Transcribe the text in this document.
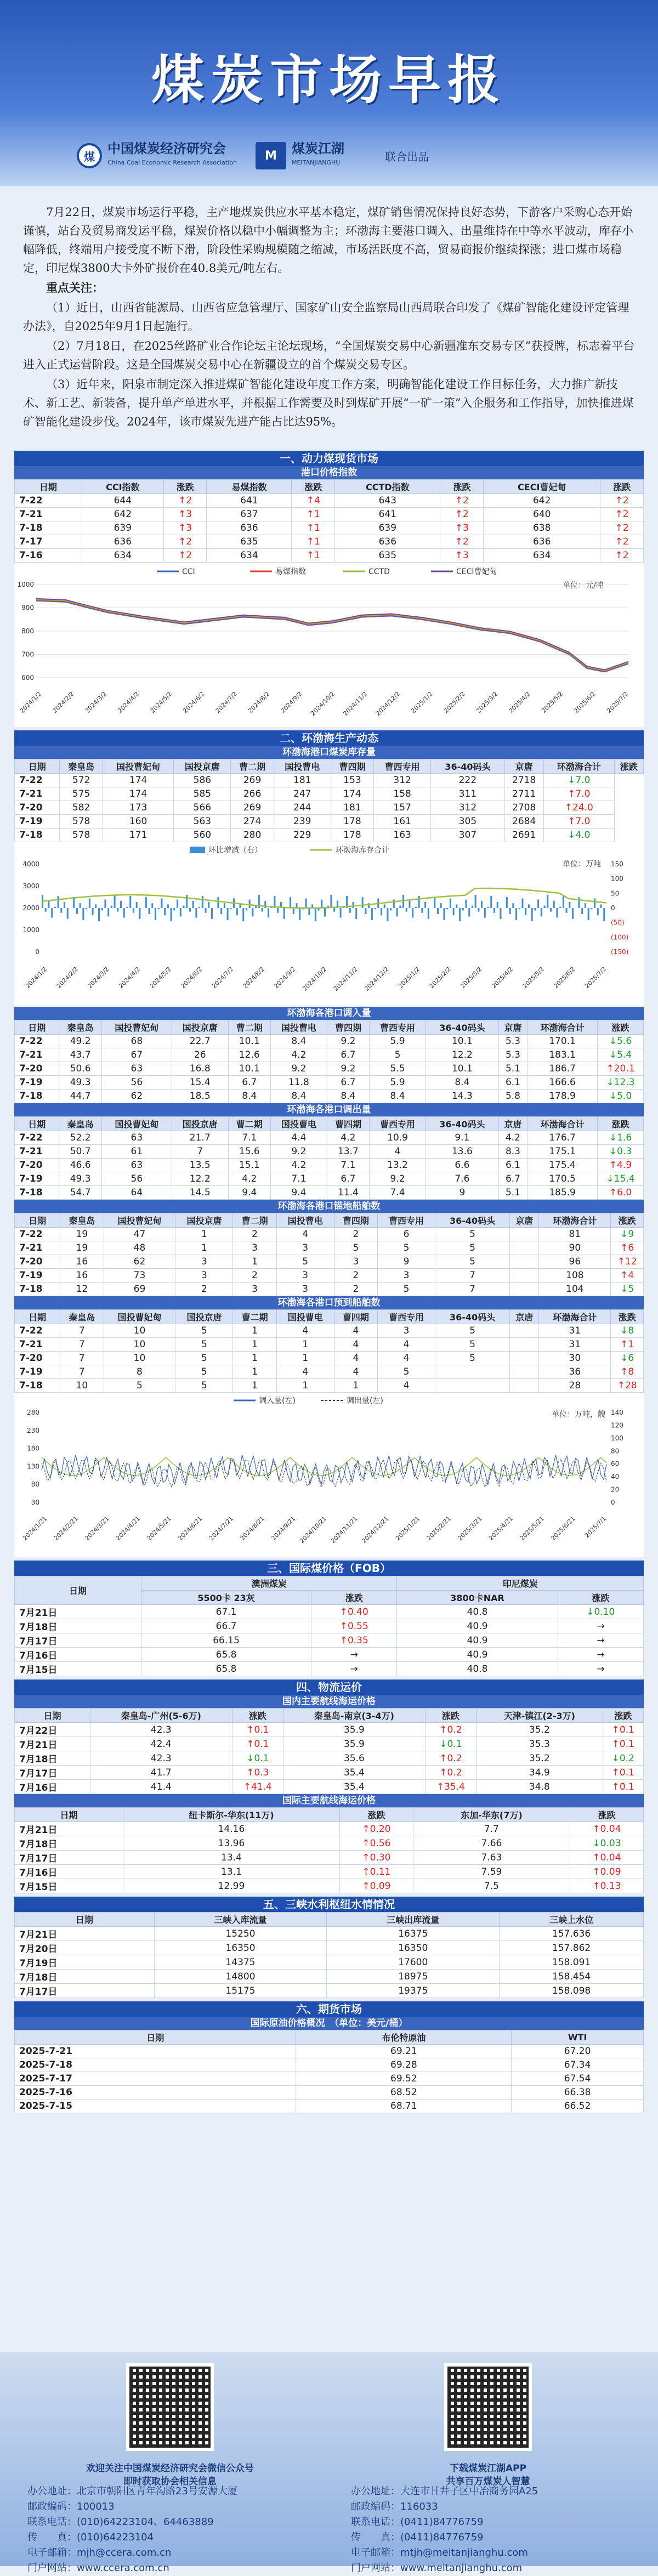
煤炭市场早报
煤
中国煤炭经济研究会
China Coal Economic Research Association	M	煤炭江湖
MEITANJIANGHU	联合出品

7月22日，煤炭市场运行平稳，主产地煤炭供应水平基本稳定，煤矿销售情况保持良好态势，下游客户采购心态开始谨慎，站台及贸易商发运平稳，煤炭价格以稳中小幅调整为主；环渤海主要港口调入、出量维持在中等水平波动，库存小幅降低，终端用户接受度不断下滑，阶段性采购规模随之缩减，市场活跃度不高，贸易商报价继续探涨；进口煤市场稳定，印尼煤3800大卡外矿报价在40.8美元/吨左右。

重点关注：

（1）近日，山西省能源局、山西省应急管理厅、国家矿山安全监察局山西局联合印发了《煤矿智能化建设评定管理办法》，自2025年9月1日起施行。

（2）7月18日，在2025丝路矿业合作论坛主论坛现场，“全国煤炭交易中心新疆准东交易专区”获授牌，标志着平台进入正式运营阶段。这是全国煤炭交易中心在新疆设立的首个煤炭交易专区。

（3）近年来，阳泉市制定深入推进煤矿智能化建设年度工作方案，明确智能化建设工作目标任务，大力推广新技术、新工艺、新装备，提升单产单进水平，并根据工作需要及时到煤矿开展“一矿一策”入企服务和工作指导，加快推进煤矿智能化建设步伐。2024年，该市煤炭先进产能占比达95%。

一、动力煤现货市场
港口价格指数
日期	CCI指数	涨跌	易煤指数	涨跌	CCTD指数	涨跌	CECI曹妃甸	涨跌
7-22	644	↑2	641	↑4	643	↑2	642	↑2
7-21	642	↑3	637	↑1	641	↑2	640	↑2
7-18	639	↑3	636	↑1	639	↑3	638	↑2
7-17	636	↑2	635	↑1	636	↑2	636	↑2
7-16	634	↑2	634	↑1	635	↑3	634	↑2
CCI	易煤指数	CCTD	CECI曹妃甸
单位：元/吨
1000
900
800
700
600
2024/1/2 2024/2/2 2024/3/2 2024/4/2 2024/5/2 2024/6/2 2024/7/2 2024/8/2 2024/9/2 2024/10/2 2024/11/2 2024/12/2 2025/1/2 2025/2/2 2025/3/2 2025/4/2 2025/5/2 2025/6/2 2025/7/2
二、环渤海生产动态
环渤海港口煤炭库存量
日期	秦皇岛	国投曹妃甸	国投京唐	曹二期	国投曹电	曹四期	曹西专用	36-40码头	京唐	环渤海合计	涨跌
7-22	572	174	586	269	181	153	312	222	2718	↓7.0	
7-21	575	174	585	266	247	174	158	311	2711	↑7.0	
7-20	582	173	566	269	244	181	157	312	2708	↑24.0	
7-19	578	160	563	274	239	178	161	305	2684	↑7.0	
7-18	578	171	560	280	229	178	163	307	2691	↓4.0	
环比增减（右）	环渤海库存合计
单位：万吨
4000
3000
2000
1000
0
150
100
50
0
(50)
(100)
(150)
2024/1/2 2024/2/2 2024/3/2 2024/4/2 2024/5/2 2024/6/2 2024/7/2 2024/8/2 2024/9/2 2024/10/2 2024/11/2 2024/12/2 2025/1/2 2025/2/2 2025/3/2 2025/4/2 2025/5/2 2025/6/2 2025/7/2
环渤海各港口调入量
日期	秦皇岛	国投曹妃甸	国投京唐	曹二期	国投曹电	曹四期	曹西专用	36-40码头	京唐	环渤海合计	涨跌
7-22	49.2	68	22.7	10.1	8.4	9.2	5.9	10.1	5.3	170.1	↓5.6
7-21	43.7	67	26	12.6	4.2	6.7	5	12.2	5.3	183.1	↓5.4
7-20	50.6	63	16.8	10.1	9.2	9.2	5.5	10.1	5.1	186.7	↑20.1
7-19	49.3	56	15.4	6.7	11.8	6.7	5.9	8.4	6.1	166.6	↓12.3
7-18	44.7	62	18.5	8.4	8.4	8.4	8.4	14.3	5.8	178.9	↓5.0
环渤海各港口调出量
日期	秦皇岛	国投曹妃甸	国投京唐	曹二期	国投曹电	曹四期	曹西专用	36-40码头	京唐	环渤海合计	涨跌
7-22	52.2	63	21.7	7.1	4.4	4.2	10.9	9.1	4.2	176.7	↓1.6
7-21	50.7	61	7	15.6	9.2	13.7	4	13.6	8.3	175.1	↓0.3
7-20	46.6	63	13.5	15.1	4.2	7.1	13.2	6.6	6.1	175.4	↑4.9
7-19	49.3	56	12.2	4.2	7.1	6.7	9.2	7.6	6.7	170.5	↓15.4
7-18	54.7	64	14.5	9.4	9.4	11.4	7.4	9	5.1	185.9	↑6.0
环渤海各港口锚地船舶数
日期	秦皇岛	国投曹妃甸	国投京唐	曹二期	国投曹电	曹四期	曹西专用	36-40码头	京唐	环渤海合计	涨跌
7-22	19	47	1	2	4	2	6	5		81	↓9
7-21	19	48	1	3	3	5	5	5		90	↑6
7-20	16	62	3	1	5	3	9	5		96	↑12
7-19	16	73	3	2	3	2	3	7		108	↑4
7-18	12	69	2	3	3	2	5	7		104	↓5
环渤海各港口预到船舶数
日期	秦皇岛	国投曹妃甸	国投京唐	曹二期	国投曹电	曹四期	曹西专用	36-40码头	京唐	环渤海合计	涨跌
7-22	7	10	5	1	4	4	3	5		31	↓8
7-21	7	10	5	1	1	4	4	5		31	↑1
7-20	7	10	5	1	1	4	4	5		30	↓6
7-19	7	8	5	1	4	4	5			36	↑8
7-18	10	5	5	1	1	1	4			28	↑28
调入量(左)	调出量(左)
单位：万吨，艘
280
230
180
130
80
30
140
120
100
80
60
40
20
0
2024/1/21 2024/2/21 2024/3/21 2024/4/21 2024/5/21 2024/6/21 2024/7/21 2024/8/21 2024/9/21 2024/10/21 2024/11/21 2024/12/21 2025/1/21 2025/2/21 2025/3/21 2025/4/21 2025/5/21 2025/6/21 2025/7/1
三、国际煤价格（FOB）
日期	澳洲煤炭		印尼煤炭	
	5500卡 23灰	涨跌	3800卡NAR	涨跌
7月21日	67.1	↑0.40	40.8	↓0.10
7月18日	66.7	↑0.55	40.9	→
7月17日	66.15	↑0.35	40.9	→
7月16日	65.8	→	40.9	→
7月15日	65.8	→	40.8	→
四、物流运价
国内主要航线海运价格
日期	秦皇岛-广州(5-6万)	涨跌	秦皇岛-南京(3-4万)	涨跌	天津-镇江(2-3万)	涨跌
7月22日	42.3	↑0.1	35.9	↑0.2	35.2	↑0.1
7月21日	42.4	↑0.1	35.9	↓0.1	35.3	↑0.1
7月18日	42.3	↓0.1	35.6	↑0.2	35.2	↓0.2
7月17日	41.7	↑0.3	35.4	↑0.2	34.9	↑0.1
7月16日	41.4	↑41.4	35.4	↑35.4	34.8	↑0.1
国际主要航线海运价格
日期	纽卡斯尔-华东(11万)	涨跌	东加-华东(7万)	涨跌
7月21日	14.16	↑0.20	7.7	↑0.04
7月18日	13.96	↑0.56	7.66	↓0.03
7月17日	13.4	↑0.30	7.63	↑0.04
7月16日	13.1	↑0.11	7.59	↑0.09
7月15日	12.99	↑0.09	7.5	↑0.13
五、三峡水利枢纽水情情况
日期	三峡入库流量	三峡出库流量	三峡上水位
7月21日	15250	16375	157.636
7月20日	16350	16350	157.862
7月19日	14375	17600	158.091
7月18日	14800	18975	158.454
7月17日	15175	19375	158.098
六、期货市场
国际原油价格概况　（单位：美元/桶）
日期	布伦特原油	WTI
2025-7-21	69.21	67.20
2025-7-18	69.28	67.34
2025-7-17	69.52	67.54
2025-7-16	68.52	66.38
2025-7-15	68.71	66.52
欢迎关注中国煤炭经济研究会微信公众号
即时获取协会相关信息
下载煤炭江湖APP
共享百万煤炭人智慧
办公地址：北京市朝阳区青年沟路23号安源大厦
邮政编码：100013
联系电话：(010)64223104、64463889
传　　真：(010)64223104
电子邮箱：mjh@ccera.com.cn
门户网站：www.ccera.com.cn
办公地址：大连市甘井子区中冶商务园A25
邮政编码：116033
联系电话：(0411)84776759
传　　真：(0411)84776759
电子邮箱：mtjh@meitanjianghu.com
门户网站：www.meitanjianghu.com
